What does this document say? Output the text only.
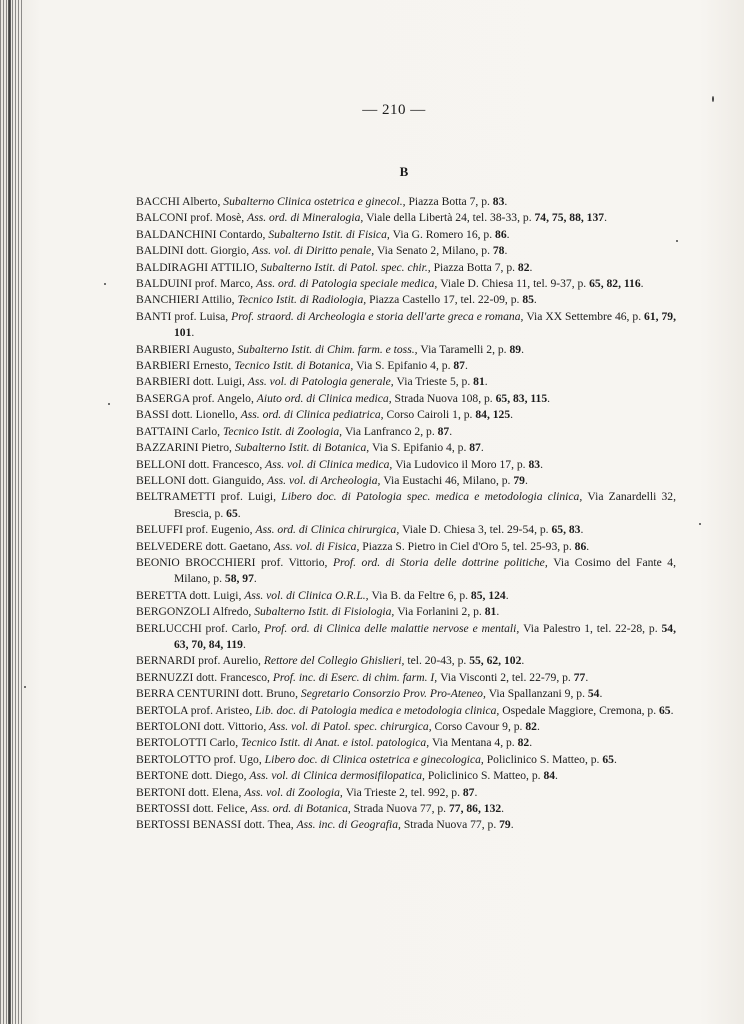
— 210 —
B

BACCHI Alberto, Subalterno Clinica ostetrica e ginecol., Piazza Botta 7, p. 83.

BALCONI prof. Mosè, Ass. ord. di Mineralogia, Viale della Libertà 24, tel. 38-33, p. 74, 75, 88, 137.

BALDANCHINI Contardo, Subalterno Istit. di Fisica, Via G. Romero 16, p. 86.

BALDINI dott. Giorgio, Ass. vol. di Diritto penale, Via Senato 2, Milano, p. 78.

BALDIRAGHI ATTILIO, Subalterno Istit. di Patol. spec. chir., Piazza Botta 7, p. 82.

BALDUINI prof. Marco, Ass. ord. di Patologia speciale medica, Viale D. Chiesa 11, tel. 9-37, p. 65, 82, 116.

BANCHIERI Attilio, Tecnico Istit. di Radiologia, Piazza Castello 17, tel. 22-09, p. 85.

BANTI prof. Luisa, Prof. straord. di Archeologia e storia dell'arte greca e romana, Via XX Settembre 46, p. 61, 79, 101.

BARBIERI Augusto, Subalterno Istit. di Chim. farm. e toss., Via Taramelli 2, p. 89.

BARBIERI Ernesto, Tecnico Istit. di Botanica, Via S. Epifanio 4, p. 87.

BARBIERI dott. Luigi, Ass. vol. di Patologia generale, Via Trieste 5, p. 81.

BASERGA prof. Angelo, Aiuto ord. di Clinica medica, Strada Nuova 108, p. 65, 83, 115.

BASSI dott. Lionello, Ass. ord. di Clinica pediatrica, Corso Cairoli 1, p. 84, 125.

BATTAINI Carlo, Tecnico Istit. di Zoologia, Via Lanfranco 2, p. 87.

BAZZARINI Pietro, Subalterno Istit. di Botanica, Via S. Epifanio 4, p. 87.

BELLONI dott. Francesco, Ass. vol. di Clinica medica, Via Ludovico il Moro 17, p. 83.

BELLONI dott. Gianguido, Ass. vol. di Archeologia, Via Eustachi 46, Milano, p. 79.

BELTRAMETTI prof. Luigi, Libero doc. di Patologia spec. medica e metodologia clinica, Via Zanardelli 32, Brescia, p. 65.

BELUFFI prof. Eugenio, Ass. ord. di Clinica chirurgica, Viale D. Chiesa 3, tel. 29-54, p. 65, 83.

BELVEDERE dott. Gaetano, Ass. vol. di Fisica, Piazza S. Pietro in Ciel d'Oro 5, tel. 25-93, p. 86.

BEONIO BROCCHIERI prof. Vittorio, Prof. ord. di Storia delle dottrine politiche, Via Cosimo del Fante 4, Milano, p. 58, 97.

BERETTA dott. Luigi, Ass. vol. di Clinica O.R.L., Via B. da Feltre 6, p. 85, 124.

BERGONZOLI Alfredo, Subalterno Istit. di Fisiologia, Via Forlanini 2, p. 81.

BERLUCCHI prof. Carlo, Prof. ord. di Clinica delle malattie nervose e mentali, Via Palestro 1, tel. 22-28, p. 54, 63, 70, 84, 119.

BERNARDI prof. Aurelio, Rettore del Collegio Ghislieri, tel. 20-43, p. 55, 62, 102.

BERNUZZI dott. Francesco, Prof. inc. di Eserc. di chim. farm. I, Via Visconti 2, tel. 22-79, p. 77.

BERRA CENTURINI dott. Bruno, Segretario Consorzio Prov. Pro-Ateneo, Via Spallanzani 9, p. 54.

BERTOLA prof. Aristeo, Lib. doc. di Patologia medica e metodologia clinica, Ospedale Maggiore, Cremona, p. 65.

BERTOLONI dott. Vittorio, Ass. vol. di Patol. spec. chirurgica, Corso Cavour 9, p. 82.

BERTOLOTTI Carlo, Tecnico Istit. di Anat. e istol. patologica, Via Mentana 4, p. 82.

BERTOLOTTO prof. Ugo, Libero doc. di Clinica ostetrica e ginecologica, Policlinico S. Matteo, p. 65.

BERTONE dott. Diego, Ass. vol. di Clinica dermosifilopatica, Policlinico S. Matteo, p. 84.

BERTONI dott. Elena, Ass. vol. di Zoologia, Via Trieste 2, tel. 992, p. 87.

BERTOSSI dott. Felice, Ass. ord. di Botanica, Strada Nuova 77, p. 77, 86, 132.

BERTOSSI BENASSI dott. Thea, Ass. inc. di Geografia, Strada Nuova 77, p. 79.
